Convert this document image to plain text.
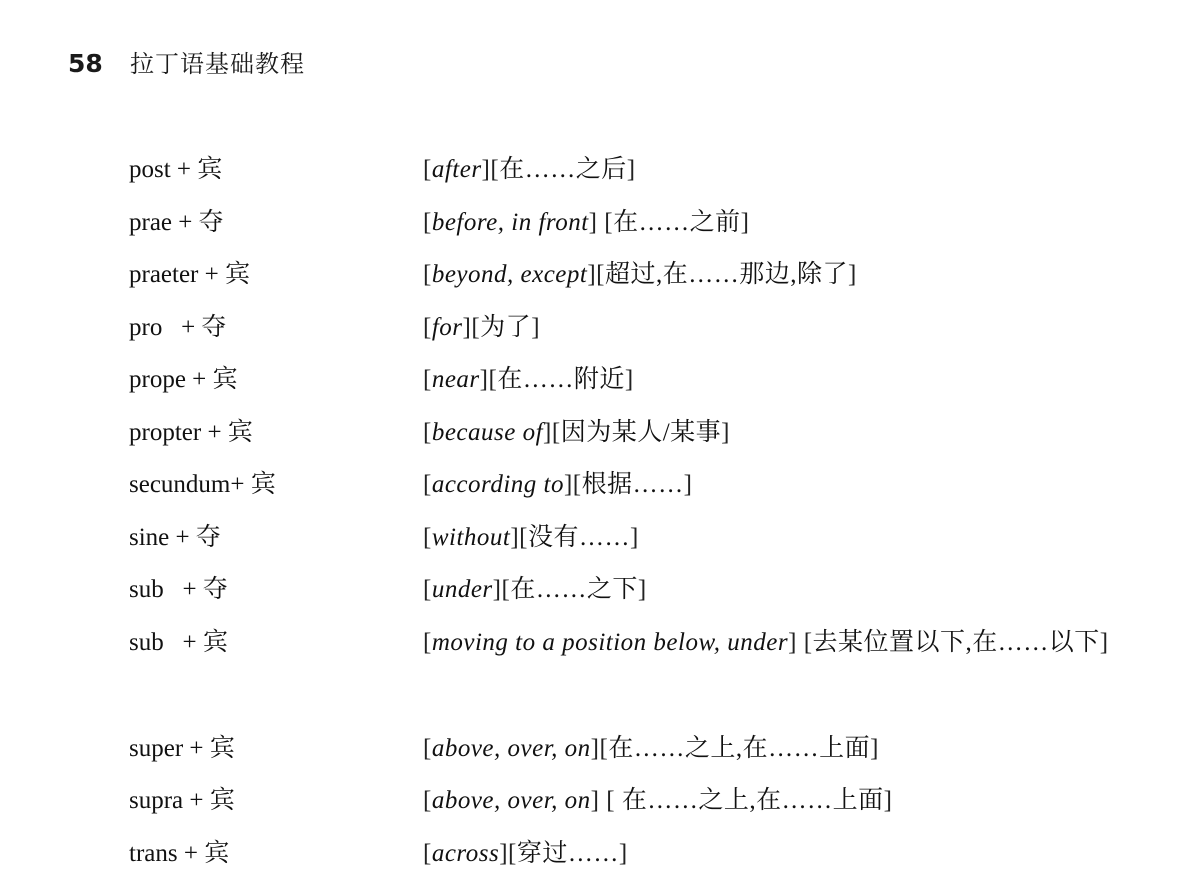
58	拉丁语基础教程
post + 宾	[after][在……之后]
prae + 夺	[before, in front] [在……之前]
praeter + 宾	[beyond, except][超过,在……那边,除了]
pro   + 夺	[for][为了]
prope + 宾	[near][在……附近]
propter + 宾	[because of][因为某人/某事]
secundum+ 宾	[according to][根据……]
sine + 夺	[without][没有……]
sub   + 夺	[under][在……之下]
sub   + 宾	[moving to a position below, under] [去某位置以下,在……以下]
super + 宾	[above, over, on][在……之上,在……上面]
supra + 宾	[above, over, on] [ 在……之上,在……上面]
trans + 宾	[across][穿过……]
